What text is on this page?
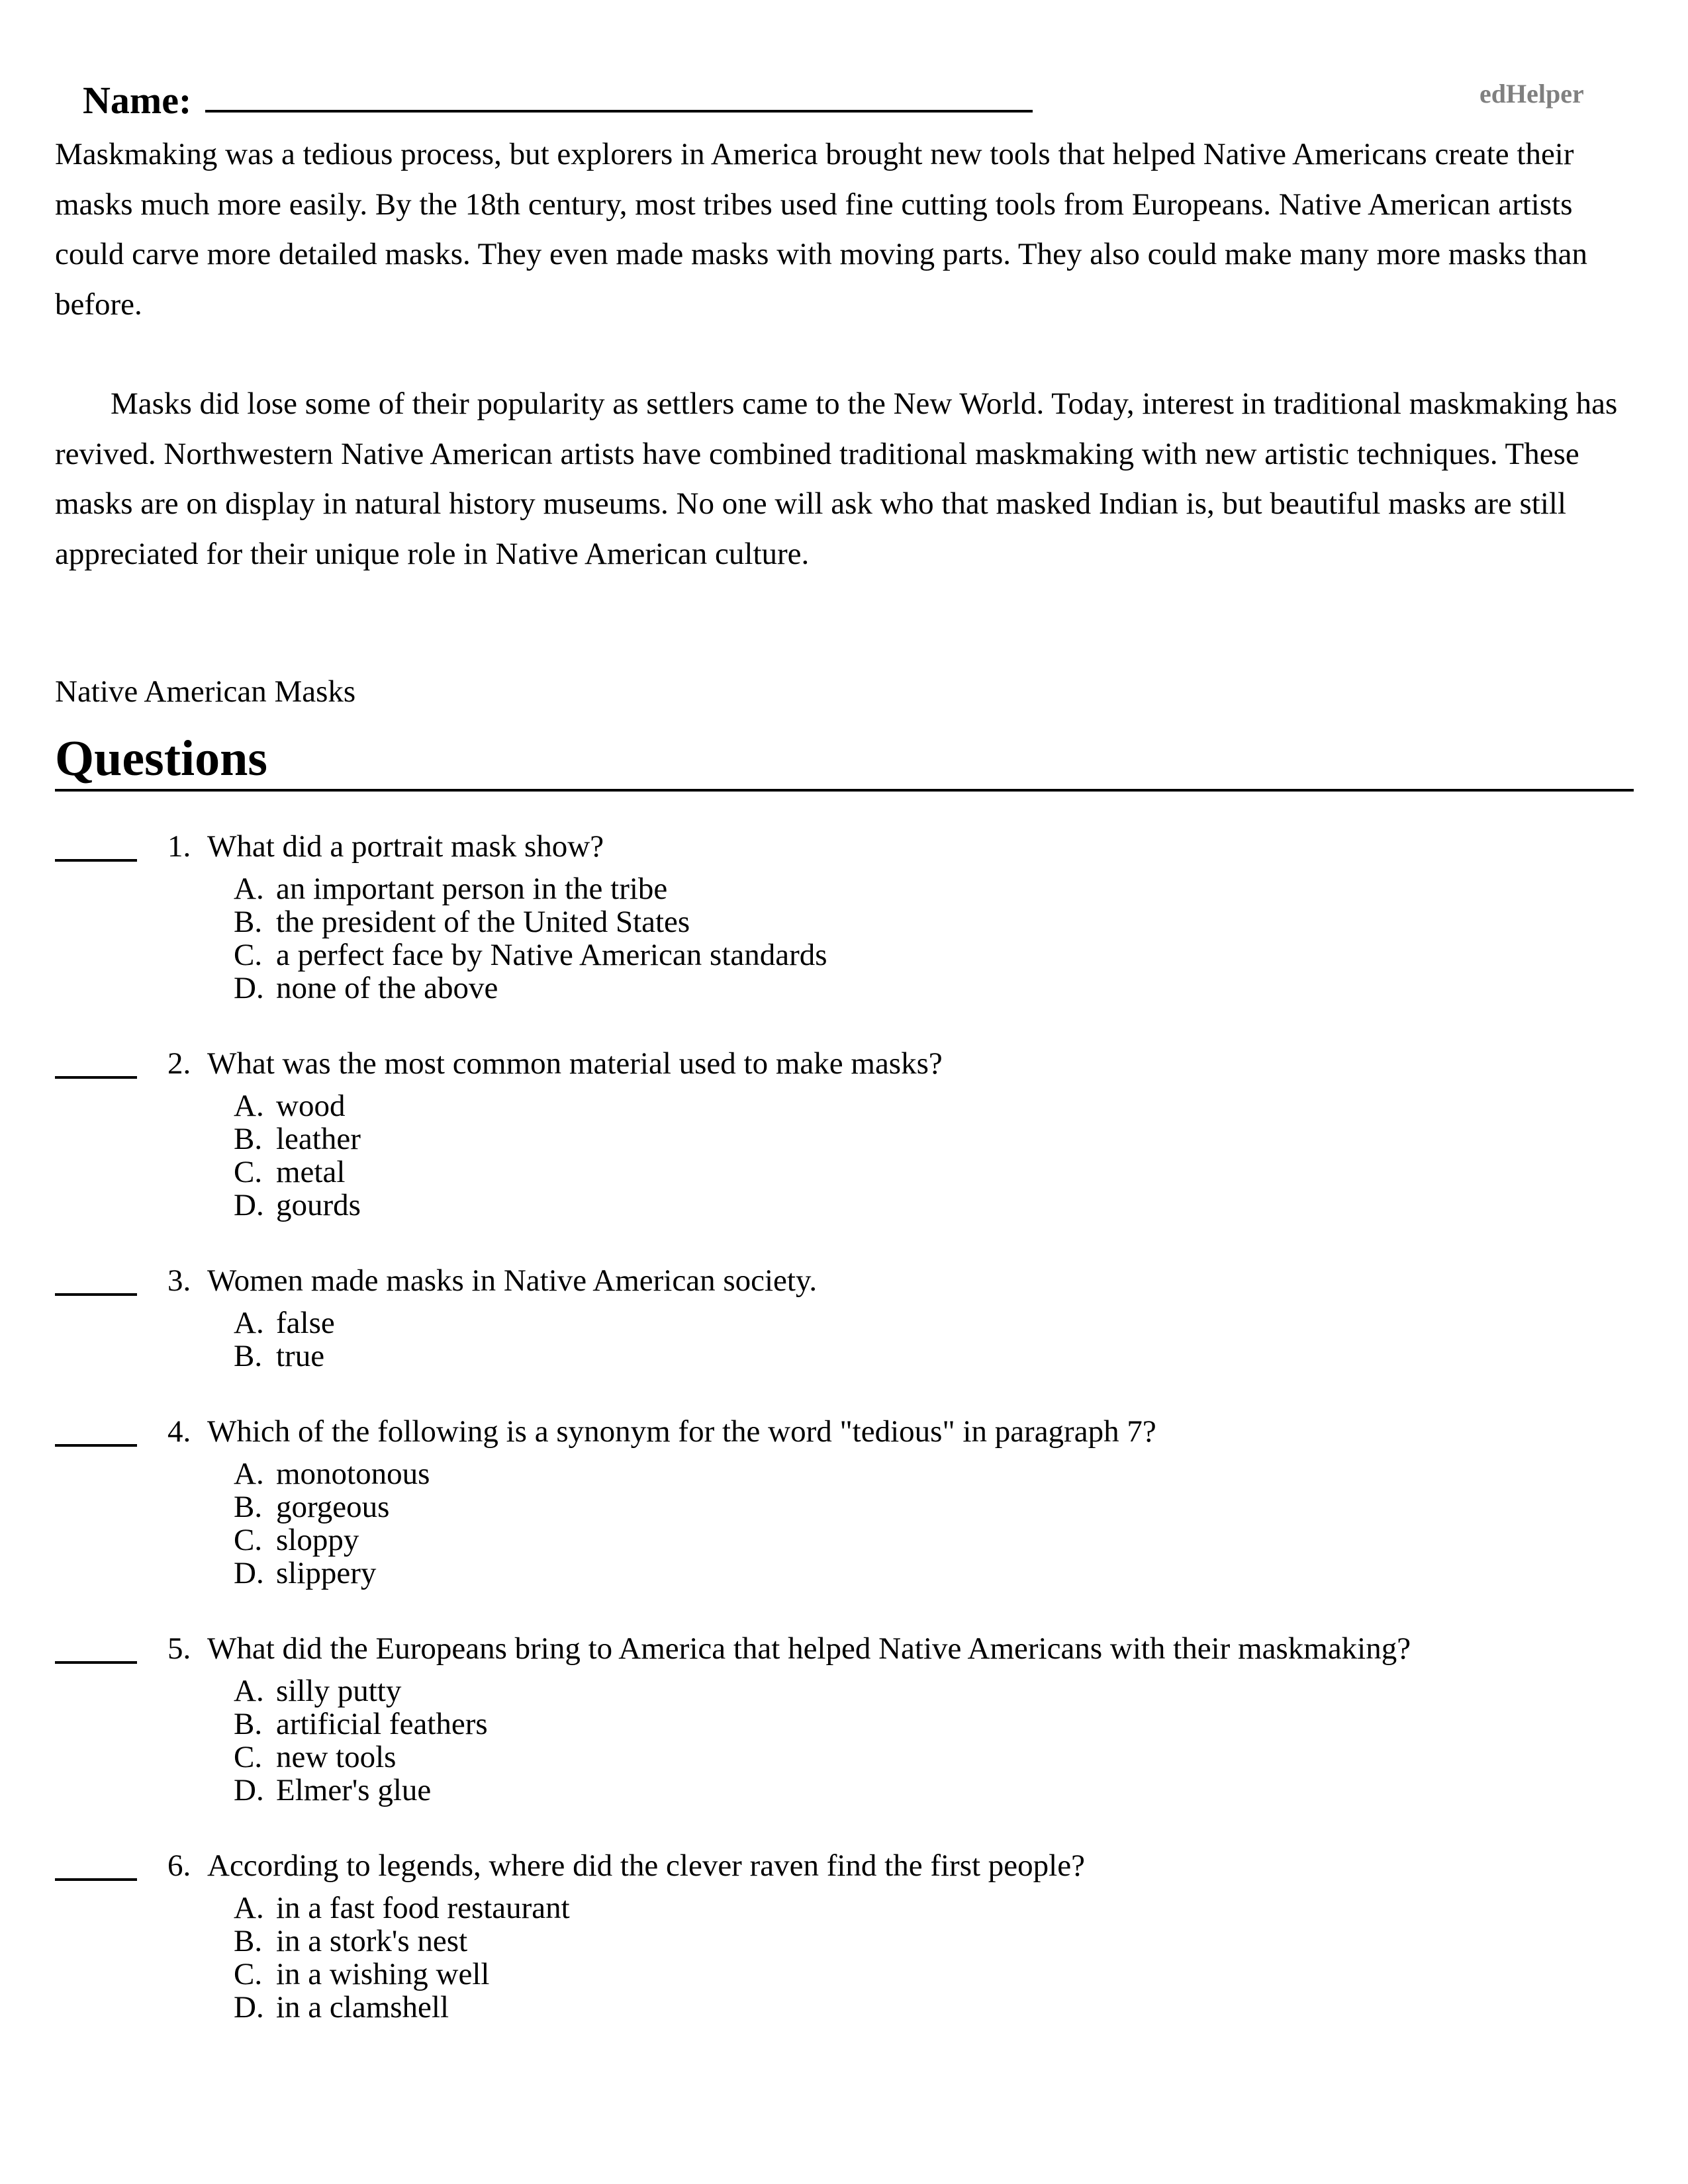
Name:	edHelper

Maskmaking was a tedious process, but explorers in America brought new tools that helped Native Americans create their masks much more easily. By the 18th century, most tribes used fine cutting tools from Europeans. Native American artists could carve more detailed masks. They even made masks with moving parts. They also could make many more masks than before.

Masks did lose some of their popularity as settlers came to the New World. Today, interest in traditional maskmaking has revived. Northwestern Native American artists have combined traditional maskmaking with new artistic techniques. These masks are on display in natural history museums. No one will ask who that masked Indian is, but beautiful masks are still appreciated for their unique role in Native American culture.

Native American Masks
Questions
1. What did a portrait mask show?
A. an important person in the tribe
B. the president of the United States
C. a perfect face by Native American standards
D. none of the above
2. What was the most common material used to make masks?
A. wood
B. leather
C. metal
D. gourds
3. Women made masks in Native American society.
A. false
B. true
4. Which of the following is a synonym for the word "tedious" in paragraph 7?
A. monotonous
B. gorgeous
C. sloppy
D. slippery
5. What did the Europeans bring to America that helped Native Americans with their maskmaking?
A. silly putty
B. artificial feathers
C. new tools
D. Elmer's glue
6. According to legends, where did the clever raven find the first people?
A. in a fast food restaurant
B. in a stork's nest
C. in a wishing well
D. in a clamshell
